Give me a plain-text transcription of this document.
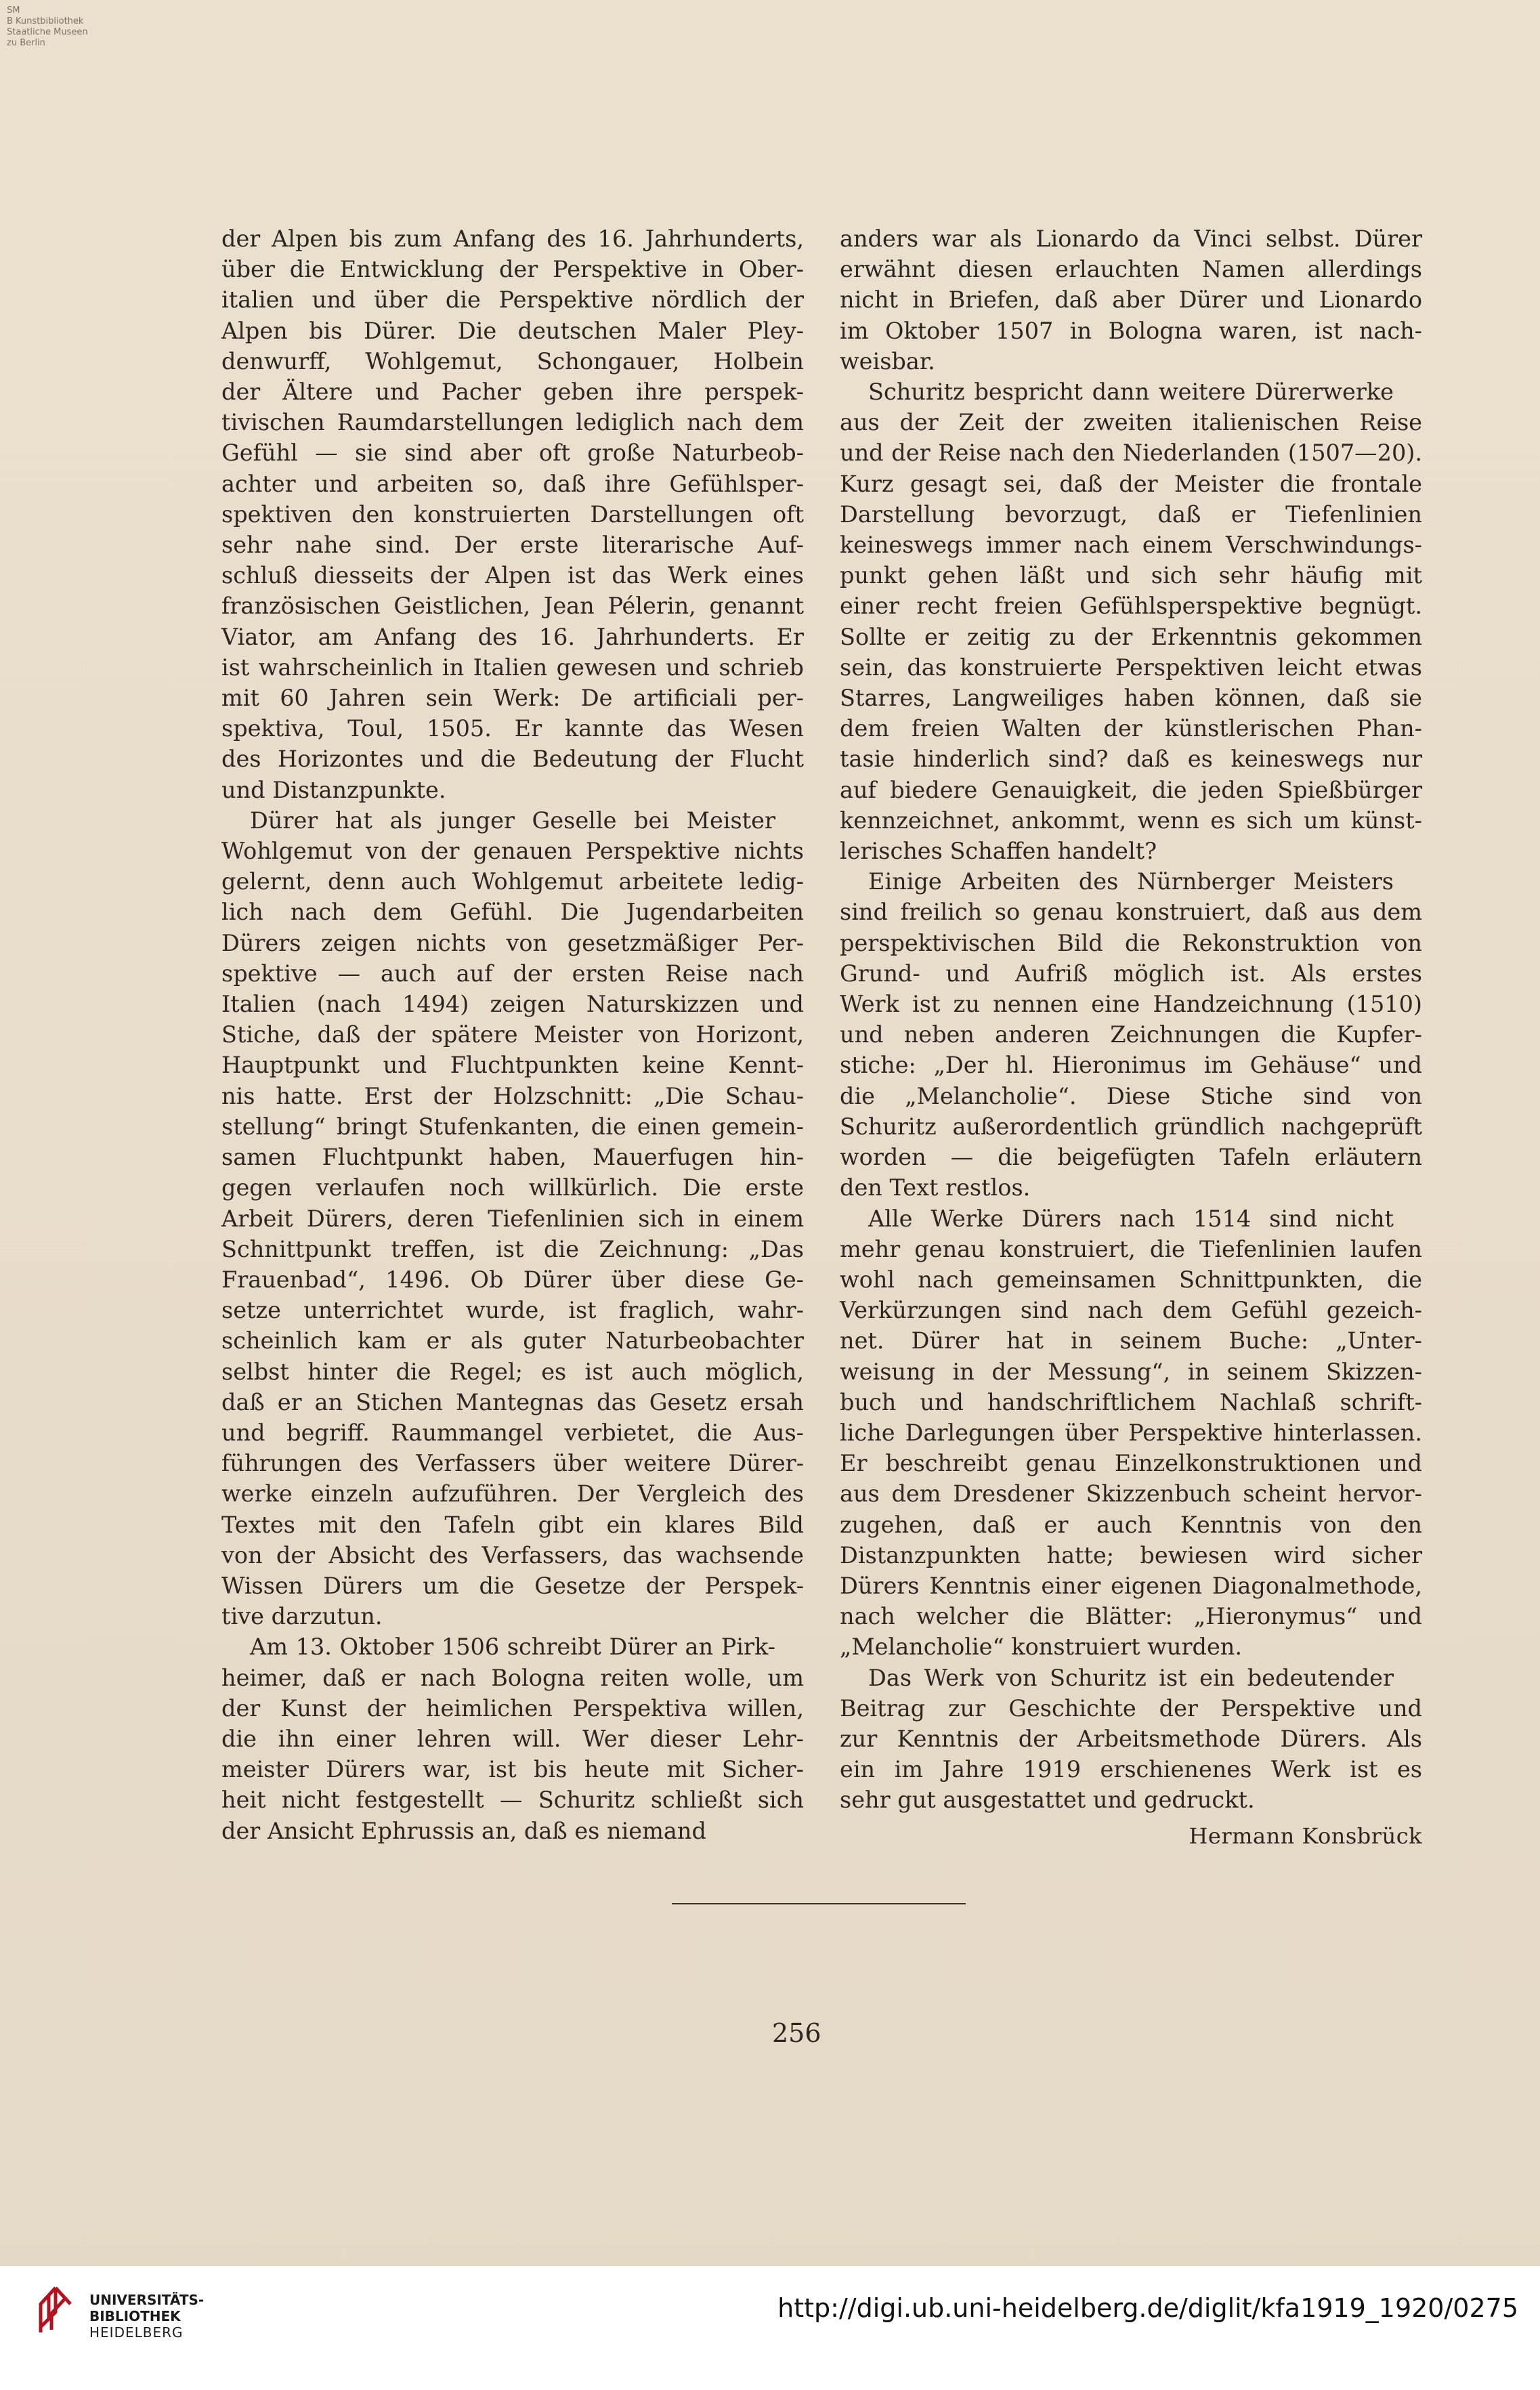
SM
B Kunstbibliothek
Staatliche Museen
zu Berlin
der Alpen bis zum Anfang des 16. Jahrhunderts,
über die Entwicklung der Perspektive in Ober-
italien und über die Perspektive nördlich der
Alpen bis Dürer. Die deutschen Maler Pley-
denwurff, Wohlgemut, Schongauer, Holbein
der Ältere und Pacher geben ihre perspek-
tivischen Raumdarstellungen lediglich nach dem
Gefühl — sie sind aber oft große Naturbeob-
achter und arbeiten so, daß ihre Gefühlsper-
spektiven den konstruierten Darstellungen oft
sehr nahe sind. Der erste literarische Auf-
schluß diesseits der Alpen ist das Werk eines
französischen Geistlichen, Jean Pélerin, genannt
Viator, am Anfang des 16. Jahrhunderts. Er
ist wahrscheinlich in Italien gewesen und schrieb
mit 60 Jahren sein Werk: De artificiali per-
spektiva, Toul, 1505. Er kannte das Wesen
des Horizontes und die Bedeutung der Flucht
und Distanzpunkte.
Dürer hat als junger Geselle bei Meister
Wohlgemut von der genauen Perspektive nichts
gelernt, denn auch Wohlgemut arbeitete ledig-
lich nach dem Gefühl. Die Jugendarbeiten
Dürers zeigen nichts von gesetzmäßiger Per-
spektive — auch auf der ersten Reise nach
Italien (nach 1494) zeigen Naturskizzen und
Stiche, daß der spätere Meister von Horizont,
Hauptpunkt und Fluchtpunkten keine Kennt-
nis hatte. Erst der Holzschnitt: „Die Schau-
stellung“ bringt Stufenkanten, die einen gemein-
samen Fluchtpunkt haben, Mauerfugen hin-
gegen verlaufen noch willkürlich. Die erste
Arbeit Dürers, deren Tiefenlinien sich in einem
Schnittpunkt treffen, ist die Zeichnung: „Das
Frauenbad“, 1496. Ob Dürer über diese Ge-
setze unterrichtet wurde, ist fraglich, wahr-
scheinlich kam er als guter Naturbeobachter
selbst hinter die Regel; es ist auch möglich,
daß er an Stichen Mantegnas das Gesetz ersah
und begriff. Raummangel verbietet, die Aus-
führungen des Verfassers über weitere Dürer-
werke einzeln aufzuführen. Der Vergleich des
Textes mit den Tafeln gibt ein klares Bild
von der Absicht des Verfassers, das wachsende
Wissen Dürers um die Gesetze der Perspek-
tive darzutun.
Am 13. Oktober 1506 schreibt Dürer an Pirk-
heimer, daß er nach Bologna reiten wolle, um
der Kunst der heimlichen Perspektiva willen,
die ihn einer lehren will. Wer dieser Lehr-
meister Dürers war, ist bis heute mit Sicher-
heit nicht festgestellt — Schuritz schließt sich
der Ansicht Ephrussis an, daß es niemand
anders war als Lionardo da Vinci selbst. Dürer
erwähnt diesen erlauchten Namen allerdings
nicht in Briefen, daß aber Dürer und Lionardo
im Oktober 1507 in Bologna waren, ist nach-
weisbar.
Schuritz bespricht dann weitere Dürerwerke
aus der Zeit der zweiten italienischen Reise
und der Reise nach den Niederlanden (1507—20).
Kurz gesagt sei, daß der Meister die frontale
Darstellung bevorzugt, daß er Tiefenlinien
keineswegs immer nach einem Verschwindungs-
punkt gehen läßt und sich sehr häufig mit
einer recht freien Gefühlsperspektive begnügt.
Sollte er zeitig zu der Erkenntnis gekommen
sein, das konstruierte Perspektiven leicht etwas
Starres, Langweiliges haben können, daß sie
dem freien Walten der künstlerischen Phan-
tasie hinderlich sind? daß es keineswegs nur
auf biedere Genauigkeit, die jeden Spießbürger
kennzeichnet, ankommt, wenn es sich um künst-
lerisches Schaffen handelt?
Einige Arbeiten des Nürnberger Meisters
sind freilich so genau konstruiert, daß aus dem
perspektivischen Bild die Rekonstruktion von
Grund- und Aufriß möglich ist. Als erstes
Werk ist zu nennen eine Handzeichnung (1510)
und neben anderen Zeichnungen die Kupfer-
stiche: „Der hl. Hieronimus im Gehäuse“ und
die „Melancholie“. Diese Stiche sind von
Schuritz außerordentlich gründlich nachgeprüft
worden — die beigefügten Tafeln erläutern
den Text restlos.
Alle Werke Dürers nach 1514 sind nicht
mehr genau konstruiert, die Tiefenlinien laufen
wohl nach gemeinsamen Schnittpunkten, die
Verkürzungen sind nach dem Gefühl gezeich-
net. Dürer hat in seinem Buche: „Unter-
weisung in der Messung“, in seinem Skizzen-
buch und handschriftlichem Nachlaß schrift-
liche Darlegungen über Perspektive hinterlassen.
Er beschreibt genau Einzelkonstruktionen und
aus dem Dresdener Skizzenbuch scheint hervor-
zugehen, daß er auch Kenntnis von den
Distanzpunkten hatte; bewiesen wird sicher
Dürers Kenntnis einer eigenen Diagonalmethode,
nach welcher die Blätter: „Hieronymus“ und
„Melancholie“ konstruiert wurden.
Das Werk von Schuritz ist ein bedeutender
Beitrag zur Geschichte der Perspektive und
zur Kenntnis der Arbeitsmethode Dürers. Als
ein im Jahre 1919 erschienenes Werk ist es
sehr gut ausgestattet und gedruckt.
Hermann Konsbrück
256
UNIVERSITÄTS-
BIBLIOTHEK
HEIDELBERG
http://digi.ub.uni-heidelberg.de/diglit/kfa1919_1920/0275
